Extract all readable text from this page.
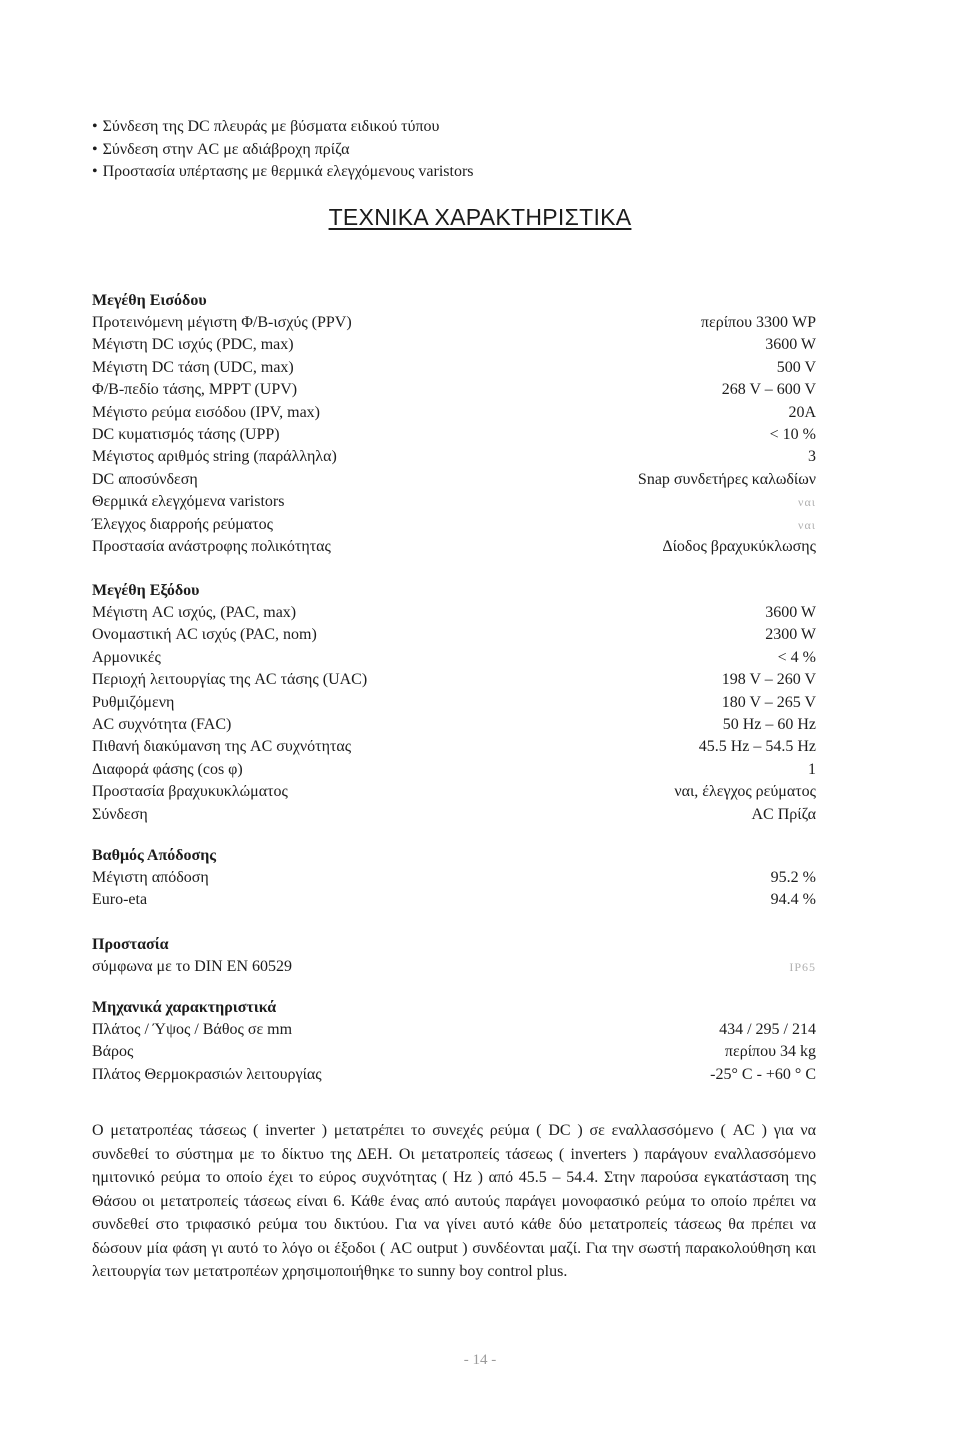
• Σύνδεση της DC πλευράς με βύσματα ειδικού τύπου
• Σύνδεση στην AC με αδιάβροχη πρίζα
• Προστασία υπέρτασης με θερμικά ελεγχόμενους varistors
ΤΕΧΝΙΚΑ ΧΑΡΑΚΤΗΡΙΣΤΙΚΑ
Μεγέθη Εισόδου
Προτεινόμενη μέγιστη Φ/Β-ισχύς (PPV)	περίπου 3300 WP
Μέγιστη DC ισχύς (PDC, max)	3600 W
Μέγιστη DC τάση (UDC, max)	500 V
Φ/Β-πεδίο τάσης, MPPT (UPV)	268 V – 600 V
Μέγιστο ρεύμα εισόδου (IPV, max)	20A
DC κυματισμός τάσης (UPP)	< 10 %
Μέγιστος αριθμός string (παράλληλα)	3
DC αποσύνδεση	Snap συνδετήρες καλωδίων
Θερμικά ελεγχόμενα varistors	ναι
Έλεγχος διαρροής ρεύματος	ναι
Προστασία ανάστροφης πολικότητας	Δίοδος βραχυκύκλωσης
Μεγέθη Εξόδου
Μέγιστη AC ισχύς, (PAC, max)	3600 W
Ονομαστική AC ισχύς (PAC, nom)	2300 W
Αρμονικές	< 4 %
Περιοχή λειτουργίας της AC τάσης (UAC)	198 V – 260 V
Ρυθμιζόμενη	180 V – 265 V
AC συχνότητα (FAC)	50 Hz – 60 Hz
Πιθανή διακύμανση της AC συχνότητας	45.5 Hz – 54.5 Hz
Διαφορά φάσης (cos φ)	1
Προστασία βραχυκυκλώματος	ναι, έλεγχος ρεύματος
Σύνδεση	AC Πρίζα
Βαθμός Απόδοσης
Μέγιστη απόδοση	95.2 %
Euro-eta	94.4 %
Προστασία
σύμφωνα με το DIN EN 60529	IP65
Μηχανικά χαρακτηριστικά
Πλάτος / Ύψος / Βάθος σε mm	434 / 295 / 214
Βάρος	περίπου 34 kg
Πλάτος Θερμοκρασιών λειτουργίας	-25° C - +60 ° C

Ο μετατροπέας τάσεως ( inverter ) μετατρέπει το συνεχές ρεύμα ( DC ) σε εναλλασσόμενο ( AC ) για να συνδεθεί το σύστημα με το δίκτυο της ΔΕΗ. Οι μετατροπείς τάσεως ( inverters ) παράγουν εναλλασσόμενο ημιτονικό ρεύμα το οποίο έχει το εύρος συχνότητας ( Hz ) από 45.5 – 54.4. Στην παρούσα εγκατάσταση της Θάσου οι μετατροπείς τάσεως είναι 6. Κάθε ένας από αυτούς παράγει μονοφασικό ρεύμα το οποίο πρέπει να συνδεθεί στο τριφασικό ρεύμα του δικτύου. Για να γίνει αυτό κάθε δύο μετατροπείς τάσεως θα πρέπει να δώσουν μία φάση γι αυτό το λόγο οι έξοδοι ( AC output ) συνδέονται μαζί. Για την σωστή παρακολούθηση και λειτουργία των μετατροπέων χρησιμοποιήθηκε το sunny boy control plus.

- 14 -
